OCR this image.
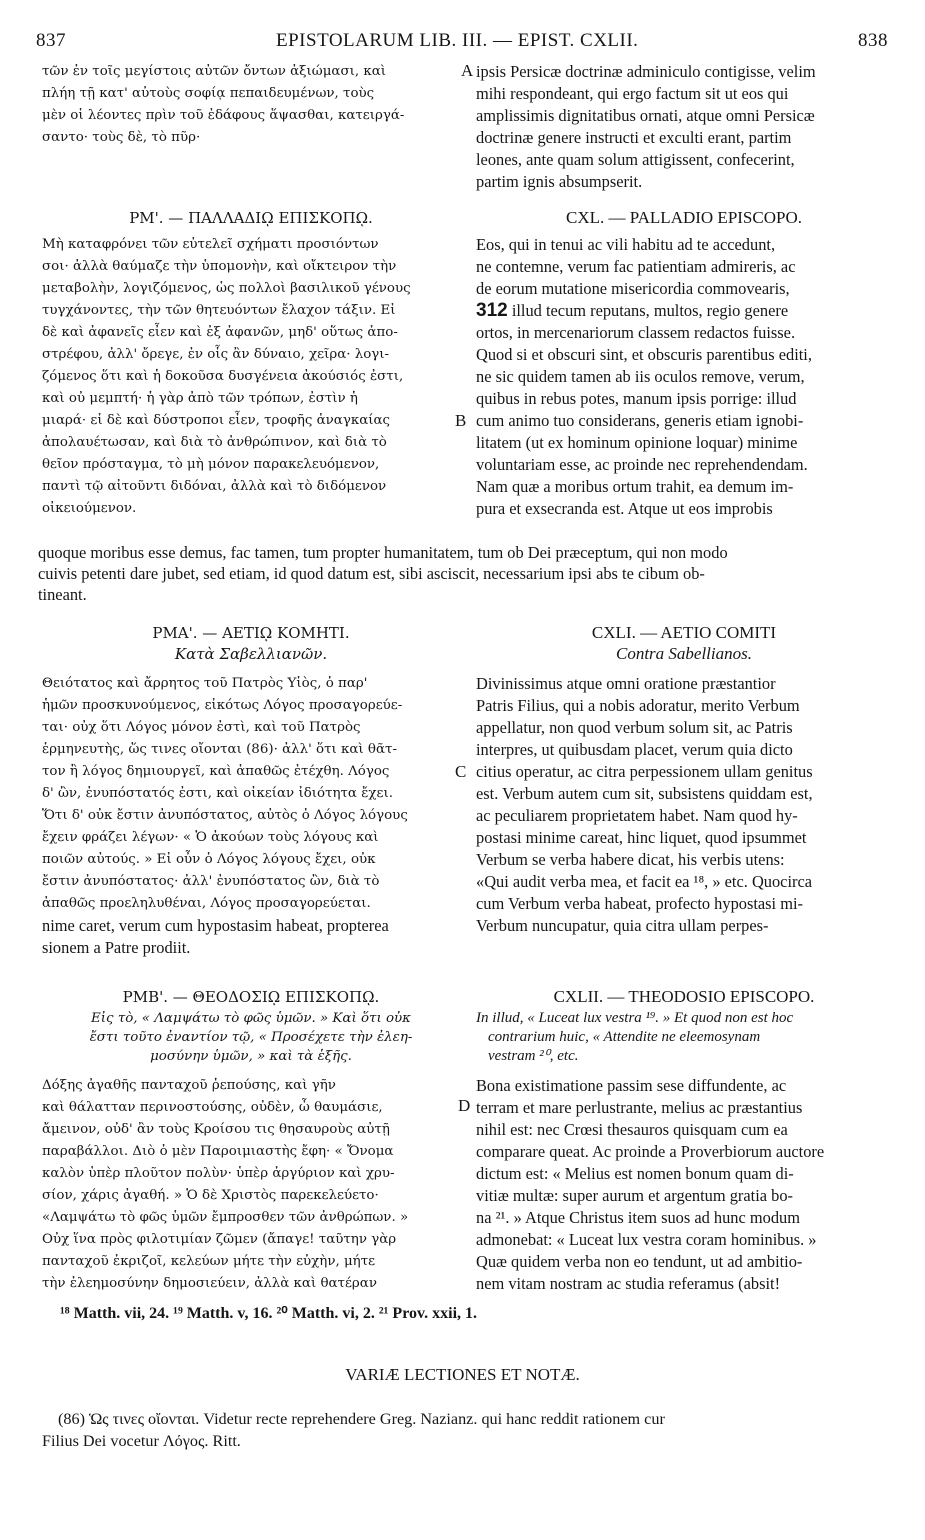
837	EPISTOLARUM LIB. III. — EPIST. CXLII.	838
τῶν ἐν τοῖς μεγίστοις αὐτῶν ὄντων ἀξιώμασι, καὶ
πλήη τῇ κατ' αὐτοὺς σοφίᾳ πεπαιδευμένων, τοὺς
μὲν οἱ λέοντες πρὶν τοῦ ἐδάφους ἅψασθαι, κατειργά-
σαντο· τοὺς δὲ, τὸ πῦρ·
ipsis Persicæ doctrinæ adminiculo contigisse, velim
mihi respondeant, qui ergo factum sit ut eos qui
amplissimis dignitatibus ornati, atque omni Persicæ
doctrinæ genere instructi et exculti erant, partim
leones, ante quam solum attigissent, confecerint,
partim ignis absumpserit.
ΡΜ'. — ΠΑΛΛΑΔΙῼ ΕΠΙΣΚΟΠῼ.	CXL. — PALLADIO EPISCOPO.
Μὴ καταφρόνει τῶν εὐτελεῖ σχήματι προσιόντων
σοι· ἀλλὰ θαύμαζε τὴν ὑπομονὴν, καὶ οἴκτειρον τὴν
μεταβολὴν, λογιζόμενος, ὡς πολλοὶ βασιλικοῦ γένους
τυγχάνοντες, τὴν τῶν θητευόντων ἔλαχον τάξιν. Εἰ
δὲ καὶ ἀφανεῖς εἶεν καὶ ἐξ ἀφανῶν, μηδ' οὕτως ἀπο-
στρέφου, ἀλλ' ὄρεγε, ἐν οἷς ἂν δύναιο, χεῖρα· λογι-
ζόμενος ὅτι καὶ ἡ δοκοῦσα δυσγένεια ἀκούσιός ἐστι,
καὶ οὐ μεμπτή· ἡ γὰρ ἀπὸ τῶν τρόπων, ἐστὶν ἡ
μιαρά· εἰ δὲ καὶ δύστροποι εἶεν, τροφῆς ἀναγκαίας
ἀπολαυέτωσαν, καὶ διὰ τὸ ἀνθρώπινον, καὶ διὰ τὸ
θεῖον πρόσταγμα, τὸ μὴ μόνον παρακελευόμενον,
παντὶ τῷ αἰτοῦντι διδόναι, ἀλλὰ καὶ τὸ διδόμενον
οἰκειούμενον.
Eos, qui in tenui ac vili habitu ad te accedunt,
ne contemne, verum fac patientiam admireris, ac
de eorum mutatione misericordia commovearis,
312 illud tecum reputans, multos, regio genere
ortos, in mercenariorum classem redactos fuisse.
Quod si et obscuri sint, et obscuris parentibus editi,
ne sic quidem tamen ab iis oculos remove, verum,
quibus in rebus potes, manum ipsis porrige: illud
cum animo tuo considerans, generis etiam ignobi-
litatem (ut ex hominum opinione loquar) minime
voluntariam esse, ac proinde nec reprehendendam.
Nam quæ a moribus ortum trahit, ea demum im-
pura et exsecranda est. Atque ut eos improbis
quoque moribus esse demus, fac tamen, tum propter humanitatem, tum ob Dei præceptum, qui non modo
cuivis petenti dare jubet, sed etiam, id quod datum est, sibi asciscit, necessarium ipsi abs te cibum ob-
tineant.
ΡΜΑ'. — ΑΕΤΙῼ ΚΟΜΗΤΙ.
Κατὰ Σαβελλιανῶν.
CXLI. — AETIO COMITI
Contra Sabellianos.
Θειότατος καὶ ἄρρητος τοῦ Πατρὸς Υἱὸς, ὁ παρ'
ἡμῶν προσκυνούμενος, εἰκότως Λόγος προσαγορεύε-
ται· οὐχ ὅτι Λόγος μόνον ἐστὶ, καὶ τοῦ Πατρὸς
ἑρμηνευτὴς, ὥς τινες οἴονται (86)· ἀλλ' ὅτι καὶ θᾶτ-
τον ἢ λόγος δημιουργεῖ, καὶ ἀπαθῶς ἐτέχθη. Λόγος
δ' ὢν, ἐνυπόστατός ἐστι, καὶ οἰκείαν ἰδιότητα ἔχει.
Ὅτι δ' οὐκ ἔστιν ἀνυπόστατος, αὐτὸς ὁ Λόγος λόγους
ἔχειν φράζει λέγων· « Ὁ ἀκούων τοὺς λόγους καὶ
ποιῶν αὐτούς. » Εἰ οὖν ὁ Λόγος λόγους ἔχει, οὐκ
ἔστιν ἀνυπόστατος· ἀλλ' ἐνυπόστατος ὢν, διὰ τὸ
ἀπαθῶς προεληλυθέναι, Λόγος προσαγορεύεται.
nime caret, verum cum hypostasim habeat, propterea
sionem a Patre prodiit.
Divinissimus atque omni oratione præstantior
Patris Filius, qui a nobis adoratur, merito Verbum
appellatur, non quod verbum solum sit, ac Patris
interpres, ut quibusdam placet, verum quia dicto
citius operatur, ac citra perpessionem ullam genitus
est. Verbum autem cum sit, subsistens quiddam est,
ac peculiarem proprietatem habet. Nam quod hy-
postasi minime careat, hinc liquet, quod ipsummet
Verbum se verba habere dicat, his verbis utens:
«Qui audit verba mea, et facit ea ¹⁸, » etc. Quocirca
cum Verbum verba habeat, profecto hypostasi mi-
Verbum nuncupatur, quia citra ullam perpes-
ΡΜΒ'. — ΘΕΟΔΟΣΙῼ ΕΠΙΣΚΟΠῼ.
Εἰς τὸ, « Λαμψάτω τὸ φῶς ὑμῶν. » Καὶ ὅτι οὐκ
ἔστι τοῦτο ἐναντίον τῷ, « Προσέχετε τὴν ἐλεη-
μοσύνην ὑμῶν, » καὶ τὰ ἑξῆς.
CXLII. — THEODOSIO EPISCOPO.
In illud, « Luceat lux vestra ¹⁹. » Et quod non est hoc
contrarium huic, « Attendite ne eleemosynam
vestram ²⁰, etc.
Δόξης ἀγαθῆς πανταχοῦ ῥεπούσης, καὶ γῆν
καὶ θάλατταν περινοστούσης, οὐδὲν, ὦ θαυμάσιε,
ἄμεινον, οὐδ' ἂν τοὺς Κροίσου τις θησαυροὺς αὐτῇ
παραβάλλοι. Διὸ ὁ μὲν Παροιμιαστὴς ἔφη· « Ὄνομα
καλὸν ὑπὲρ πλοῦτον πολὺν· ὑπὲρ ἀργύριον καὶ χρυ-
σίον, χάρις ἀγαθή. » Ὁ δὲ Χριστὸς παρεκελεύετο·
«Λαμψάτω τὸ φῶς ὑμῶν ἔμπροσθεν τῶν ἀνθρώπων. »
Οὐχ ἵνα πρὸς φιλοτιμίαν ζῶμεν (ἄπαγε! ταῦτην γὰρ
πανταχοῦ ἐκριζοῖ, κελεύων μήτε τὴν εὐχὴν, μήτε
τὴν ἐλεημοσύνην δημοσιεύειν, ἀλλὰ καὶ θατέραν
Bona existimatione passim sese diffundente, ac
terram et mare perlustrante, melius ac præstantius
nihil est: nec Crœsi thesauros quisquam cum ea
comparare queat. Ac proinde a Proverbiorum auctore
dictum est: « Melius est nomen bonum quam di-
vitiæ multæ: super aurum et argentum gratia bo-
na ²¹. » Atque Christus item suos ad hunc modum
admonebat: « Luceat lux vestra coram hominibus. »
Quæ quidem verba non eo tendunt, ut ad ambitio-
nem vitam nostram ac studia referamus (absit!
A
B
C
D
¹⁸ Matth. vii, 24. ¹⁹ Matth. v, 16. ²⁰ Matth. vi, 2. ²¹ Prov. xxii, 1.
VARIÆ LECTIONES ET NOTÆ.
(86) Ὡς τινες οἴονται. Videtur recte reprehendere Greg. Nazianz. qui hanc reddit rationem cur
Filius Dei vocetur Λόγος. Ritt.
